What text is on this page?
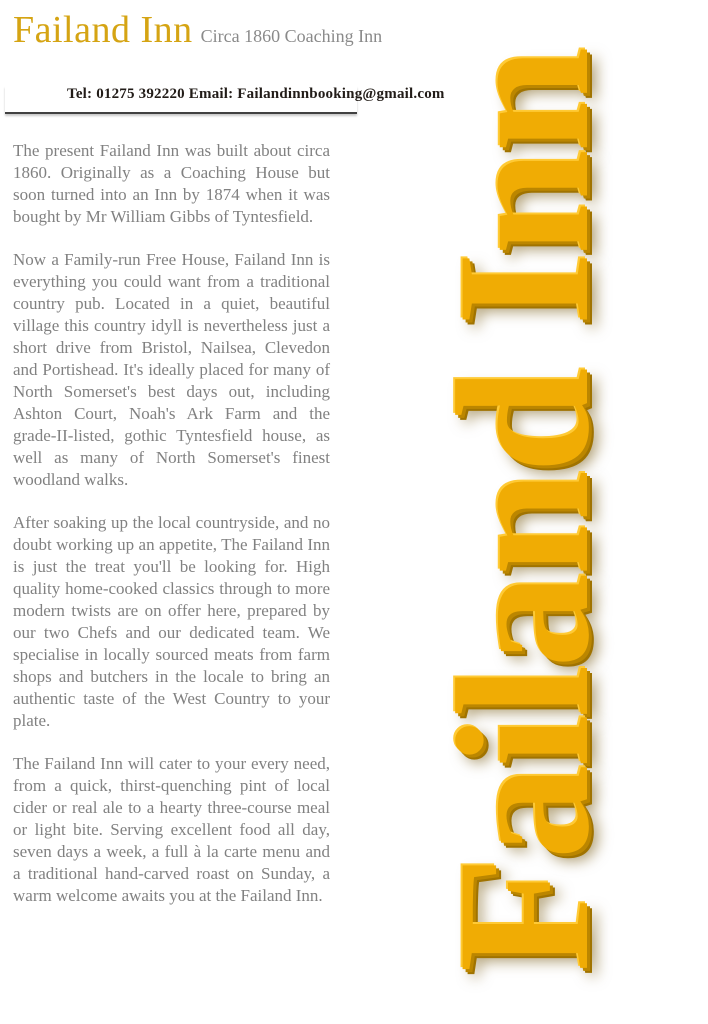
Failand Inn Circa 1860 Coaching Inn
Tel: 01275 392220 Email: Failandinnbooking@gmail.com

The present Failand Inn was built about circa 1860. Originally as a Coaching House but soon turned into an Inn by 1874 when it was bought by Mr William Gibbs of Tyntesfield.

Now a Family-run Free House, Failand Inn is everything you could want from a traditional country pub. Located in a quiet, beautiful village this country idyll is nevertheless just a short drive from Bristol, Nailsea, Clevedon and Portishead. It's ideally placed for many of North Somerset's best days out, including Ashton Court, Noah's Ark Farm and the grade-II-listed, gothic Tyntesfield house, as well as many of North Somerset's finest woodland walks.

After soaking up the local countryside, and no doubt working up an appetite, The Failand Inn is just the treat you'll be looking for. High quality home-cooked classics through to more modern twists are on offer here, prepared by our two Chefs and our dedicated team. We specialise in locally sourced meats from farm shops and butchers in the locale to bring an authentic taste of the West Country to your plate.

The Failand Inn will cater to your every need, from a quick, thirst-quenching pint of local cider or real ale to a hearty three-course meal or light bite. Serving excellent food all day, seven days a week, a full à la carte menu and a traditional hand-carved roast on Sunday, a warm welcome awaits you at the Failand Inn. Failand Inn
